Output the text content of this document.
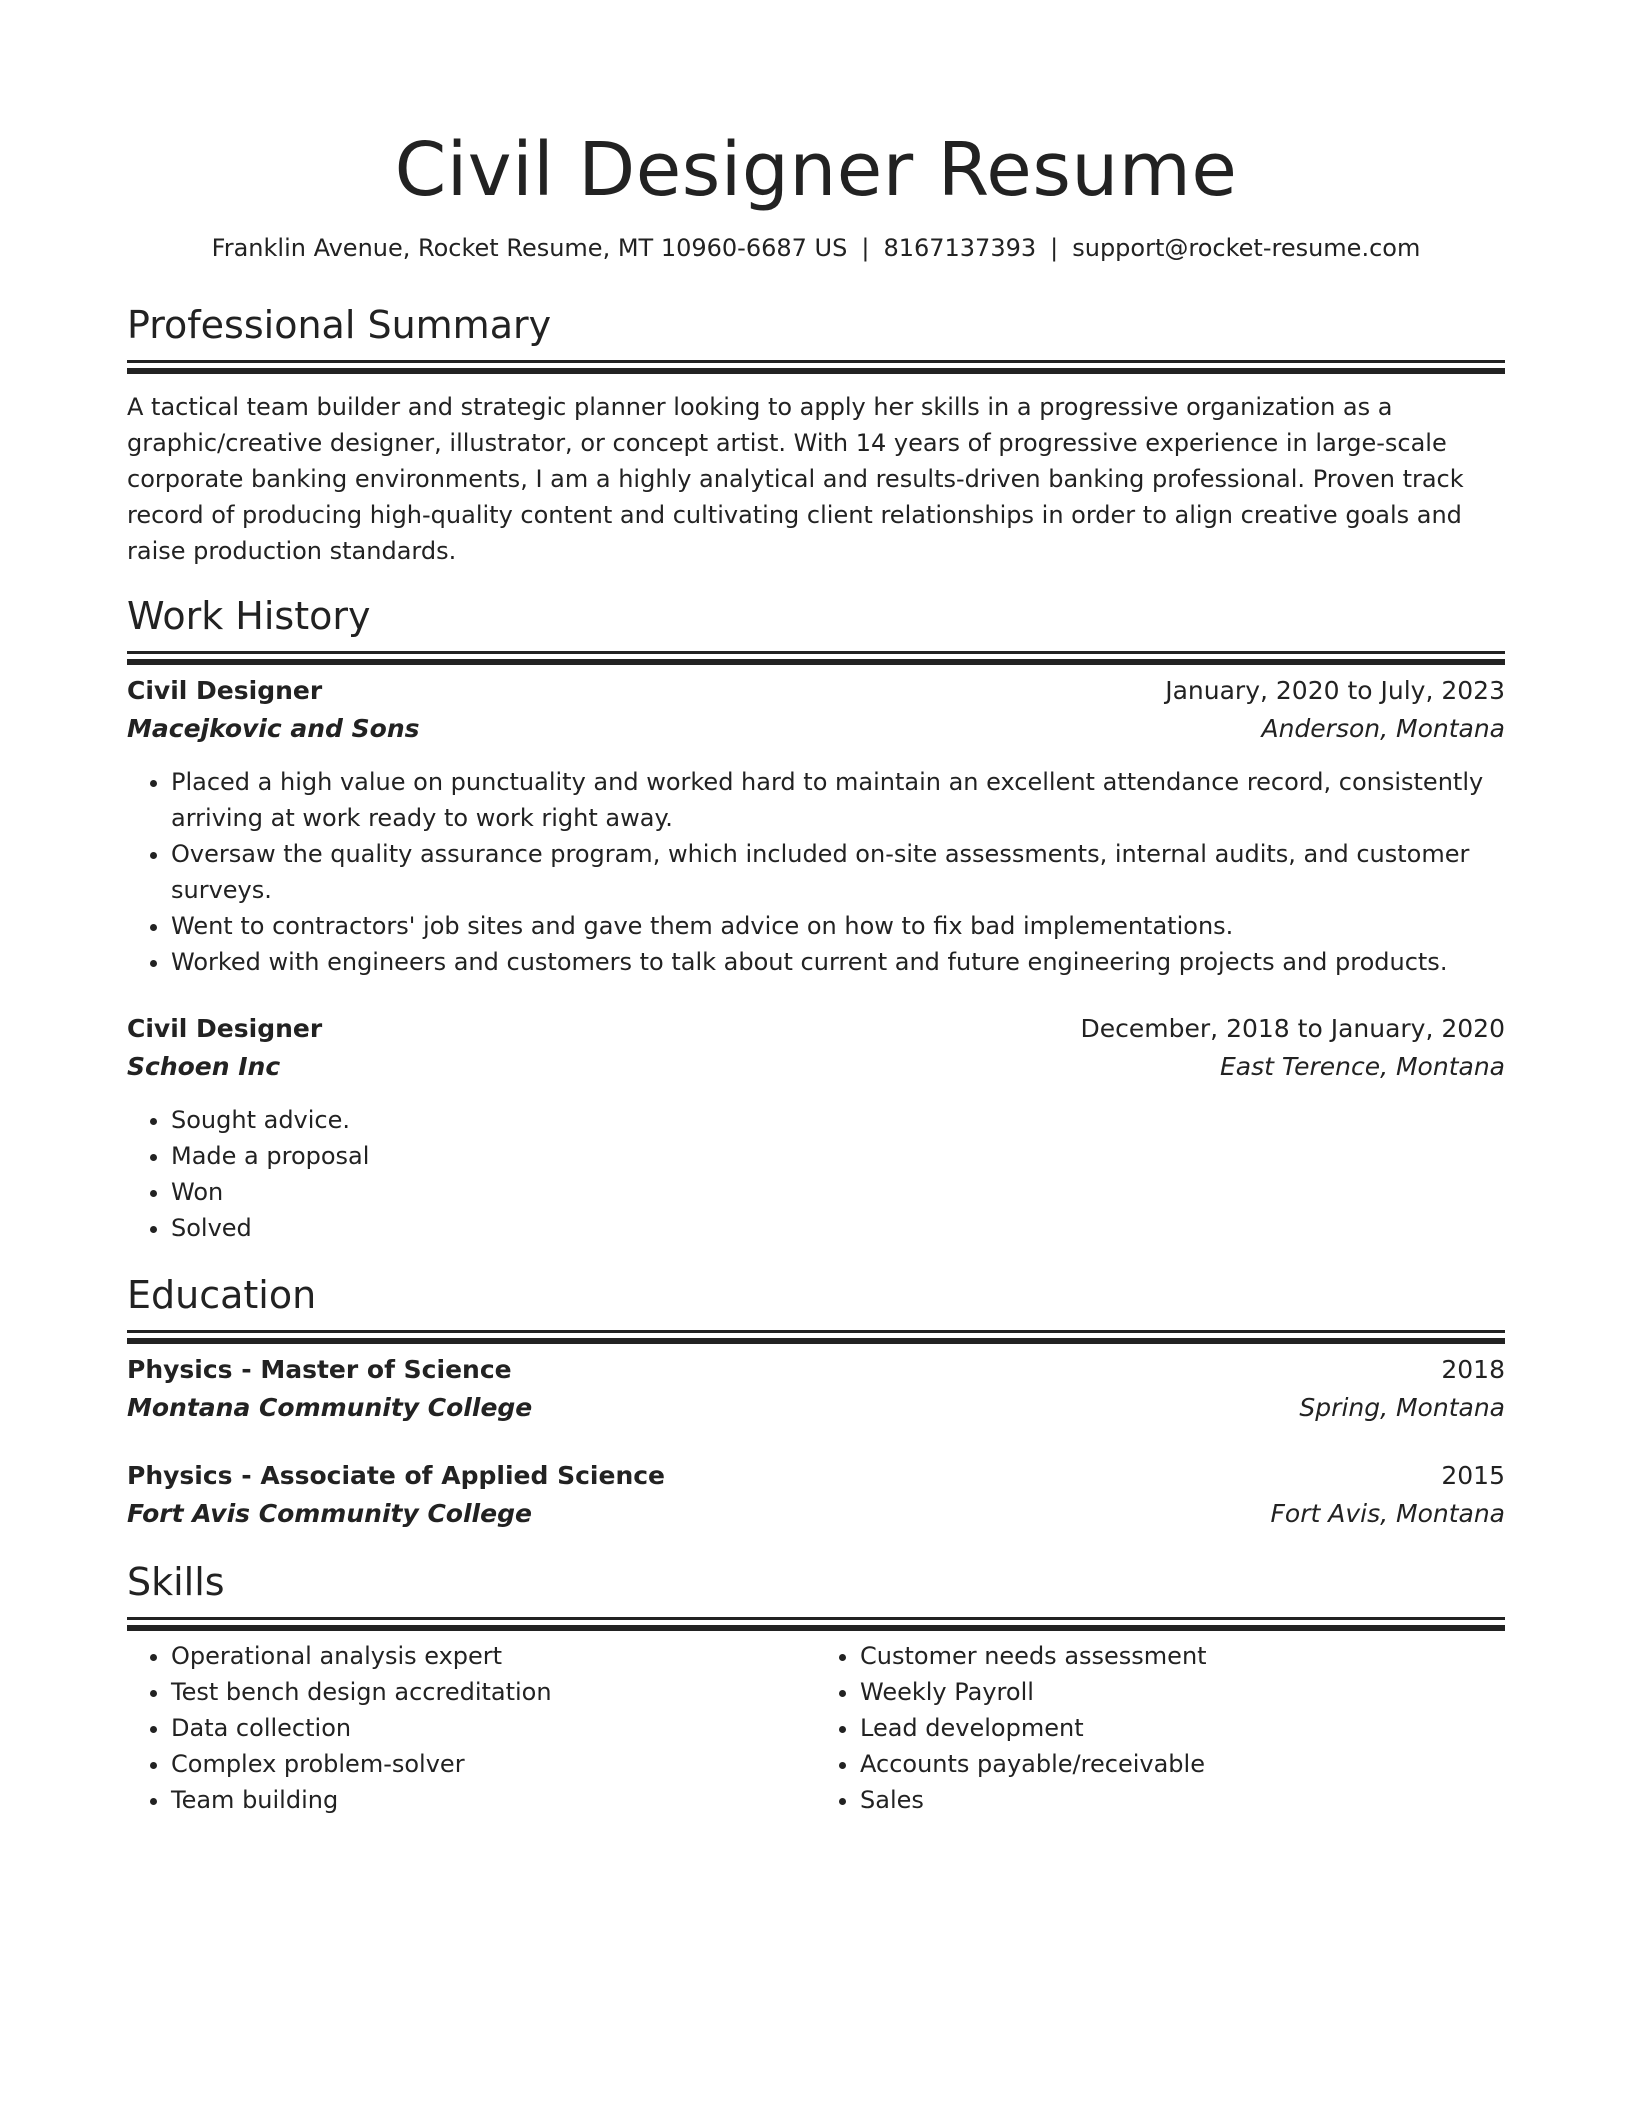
Civil Designer Resume
Franklin Avenue, Rocket Resume, MT 10960-6687 US | 8167137393 | support@rocket-resume.com
Professional Summary
A tactical team builder and strategic planner looking to apply her skills in a progressive organization as a graphic/creative designer, illustrator, or concept artist. With 14 years of progressive experience in large-scale corporate banking environments, I am a highly analytical and results-driven banking professional. Proven track record of producing high-quality content and cultivating client relationships in order to align creative goals and raise production standards.
Work History
Civil Designer	January, 2020 to July, 2023
Macejkovic and Sons	Anderson, Montana
• Placed a high value on punctuality and worked hard to maintain an excellent attendance record, consistently arriving at work ready to work right away.
• Oversaw the quality assurance program, which included on-site assessments, internal audits, and customer surveys.
• Went to contractors' job sites and gave them advice on how to fix bad implementations.
• Worked with engineers and customers to talk about current and future engineering projects and products.
Civil Designer	December, 2018 to January, 2020
Schoen Inc	East Terence, Montana
• Sought advice.
• Made a proposal
• Won
• Solved
Education
Physics - Master of Science	2018
Montana Community College	Spring, Montana
Physics - Associate of Applied Science	2015
Fort Avis Community College	Fort Avis, Montana
Skills
• Operational analysis expert
• Test bench design accreditation
• Data collection
• Complex problem-solver
• Team building
• Customer needs assessment
• Weekly Payroll
• Lead development
• Accounts payable/receivable
• Sales
